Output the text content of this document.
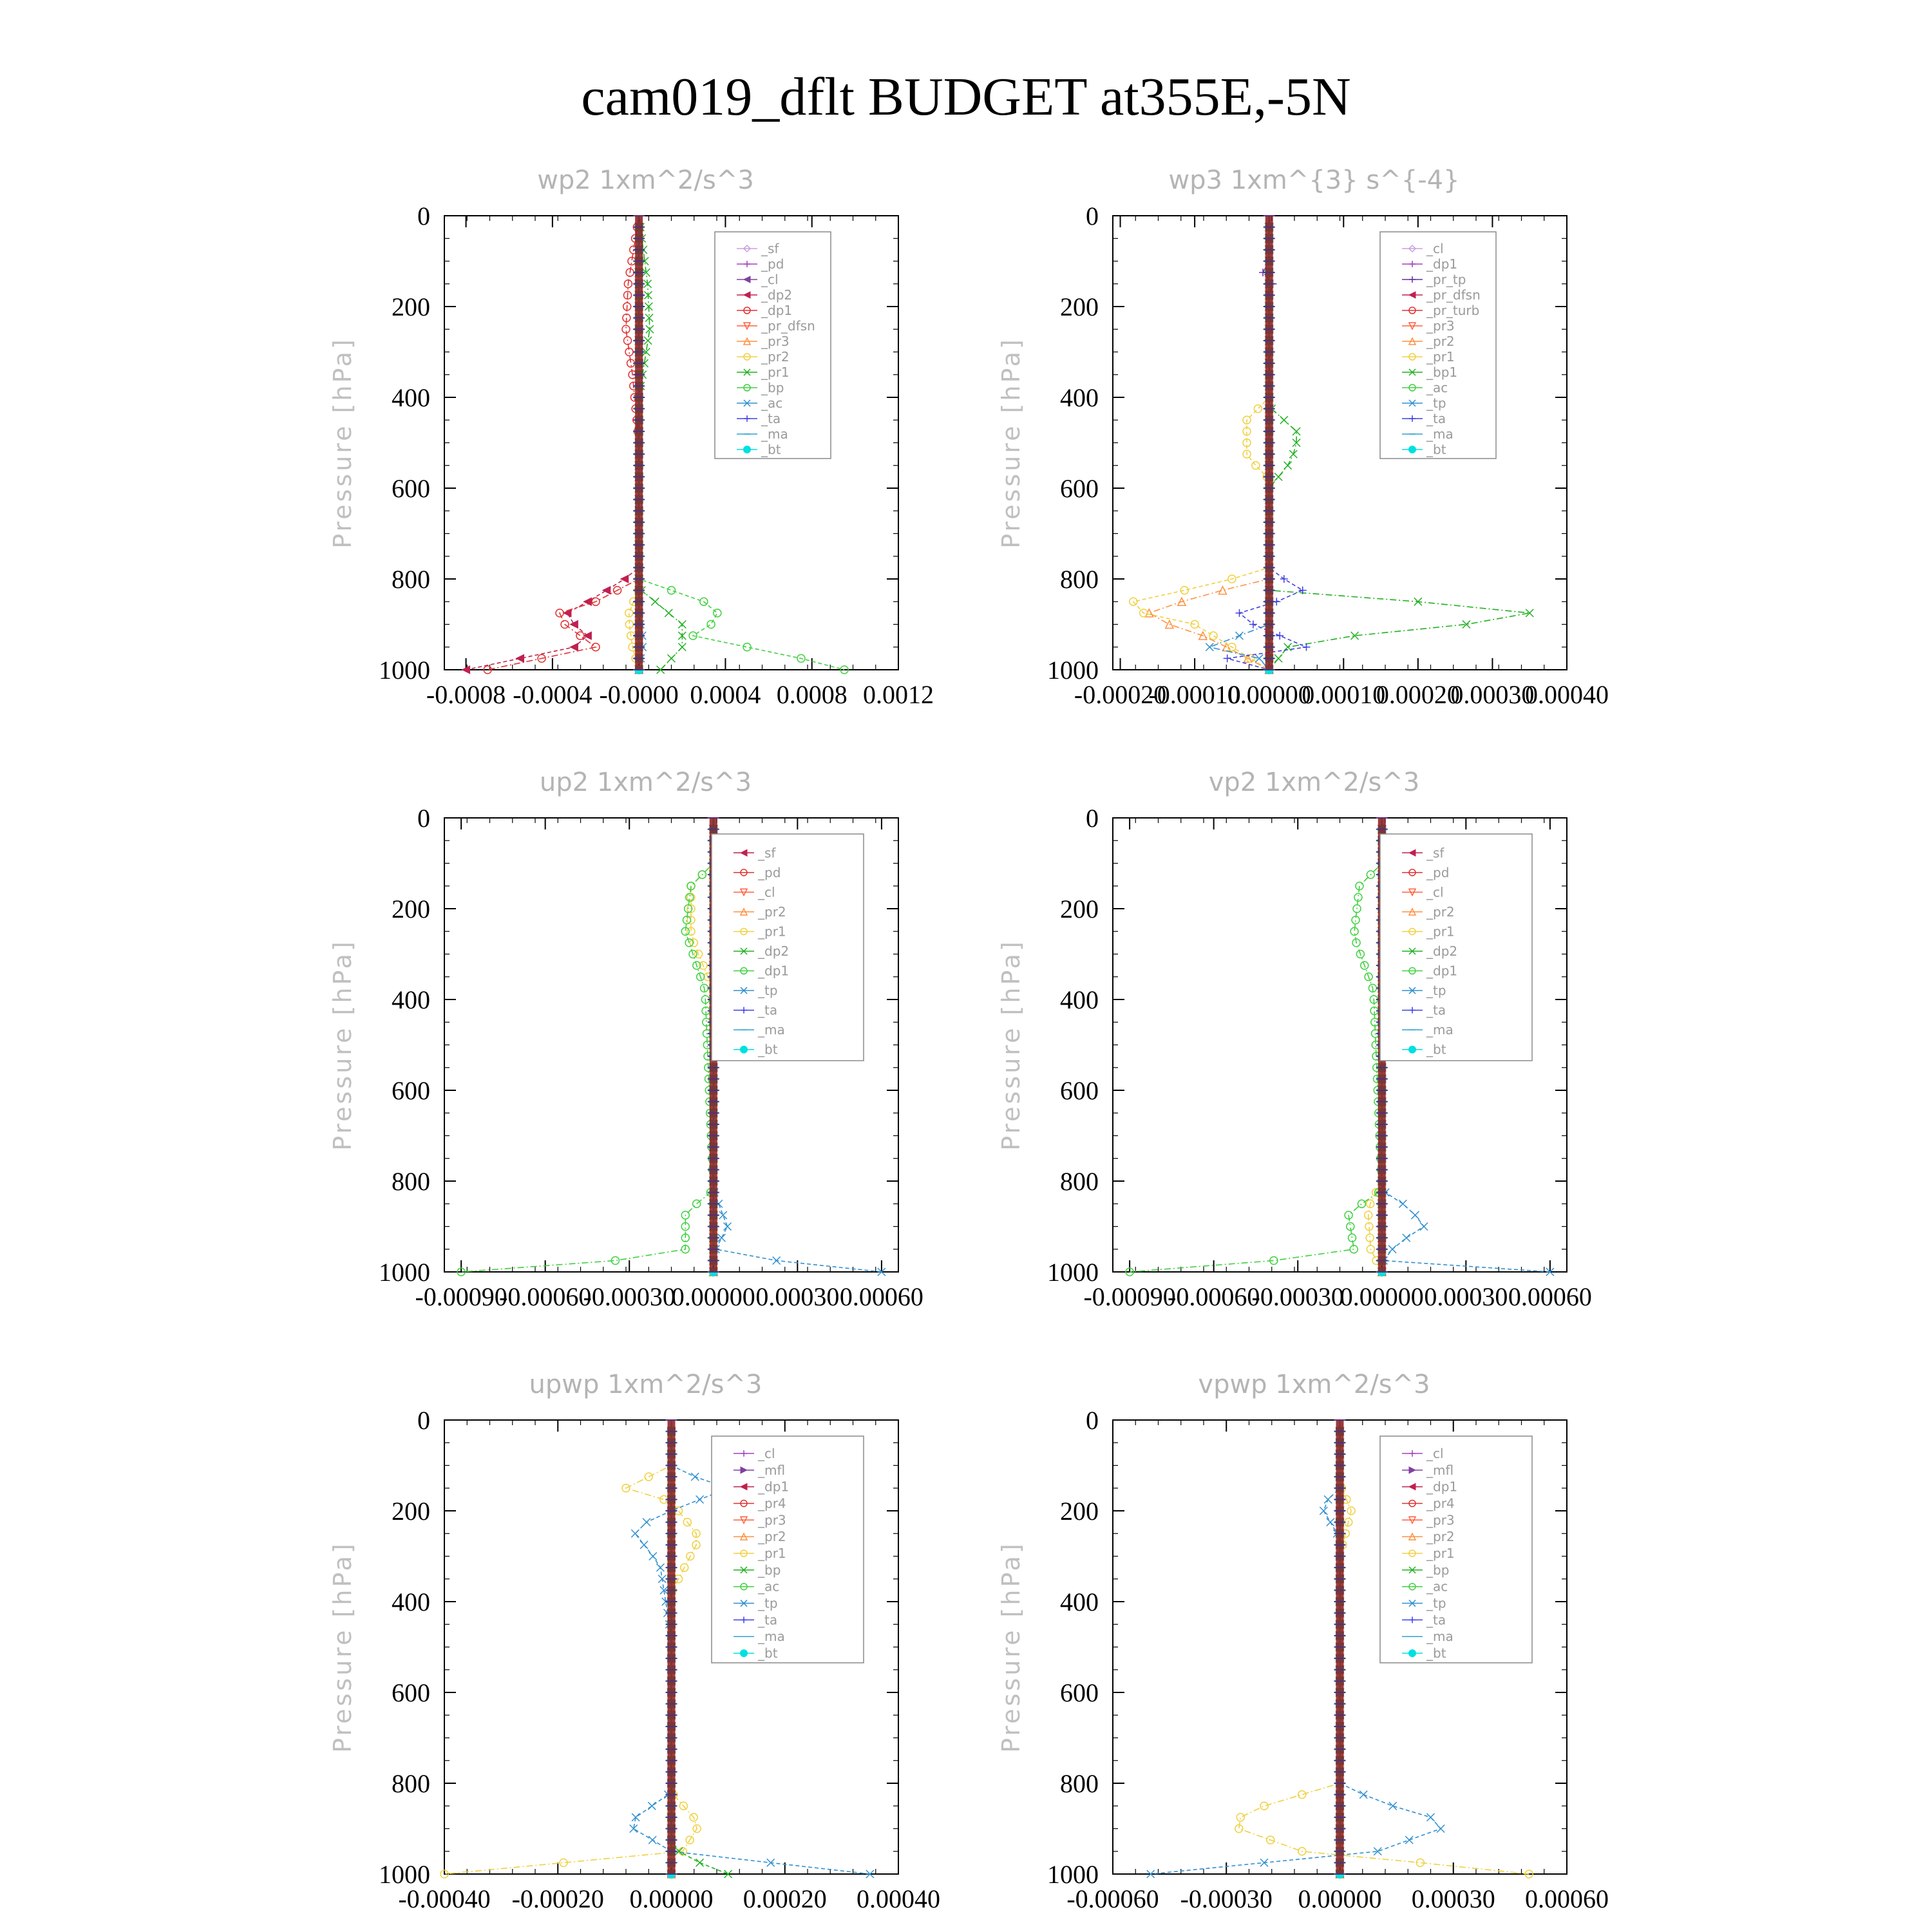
cam019_dflt BUDGET at355E,-5N
wp2 1xm^2/s^3
Pressure [hPa]
0
200
400
600
800
1000
-0.0008 -0.0004 -0.0000 0.0004 0.0008 0.0012
_sf
_pd
_cl
_dp2
_dp1
_pr_dfsn
_pr3
_pr2
_pr1
_bp
_ac
_ta
_ma
_bt
wp3 1xm^{3} s^{-4}
Pressure [hPa]
0
200
400
600
800
1000
-0.00020
-0.00010
0.00000
0.00010
0.00020
0.00030
0.00040
_cl
_dp1
_pr_tp
_pr_dfsn
_pr_turb
_pr3
_pr2
_pr1
_bp1
_ac
_tp
_ta
_ma
_bt
up2 1xm^2/s^3
Pressure [hPa]
0
200
400
600
800
1000
-0.00090
-0.00060
-0.00030
0.00000 0.00030 0.00060
_sf
_pd
_cl
_pr2
_pr1
_dp2
_dp1
_tp
_ta
_ma
_bt
vp2 1xm^2/s^3
Pressure [hPa]
0
200
400
600
800
1000
-0.00090
-0.00060
-0.00030
0.00000 0.00030 0.00060
_sf
_pd
_cl
_pr2
_pr1
_dp2
_dp1
_tp
_ta
_ma
_bt
upwp 1xm^2/s^3
Pressure [hPa]
0
200
400
600
800
1000
-0.00040 -0.00020 0.00000 0.00020 0.00040
_cl
_mfl
_dp1
_pr4
_pr3
_pr2
_pr1
_bp
_ac
_tp
_ta
_ma
_bt
vpwp 1xm^2/s^3
Pressure [hPa]
0
200
400
600
800
1000
-0.00060 -0.00030 0.00000 0.00030 0.00060
_cl
_mfl
_dp1
_pr4
_pr3
_pr2
_pr1
_bp
_ac
_tp
_ta
_ma
_bt
